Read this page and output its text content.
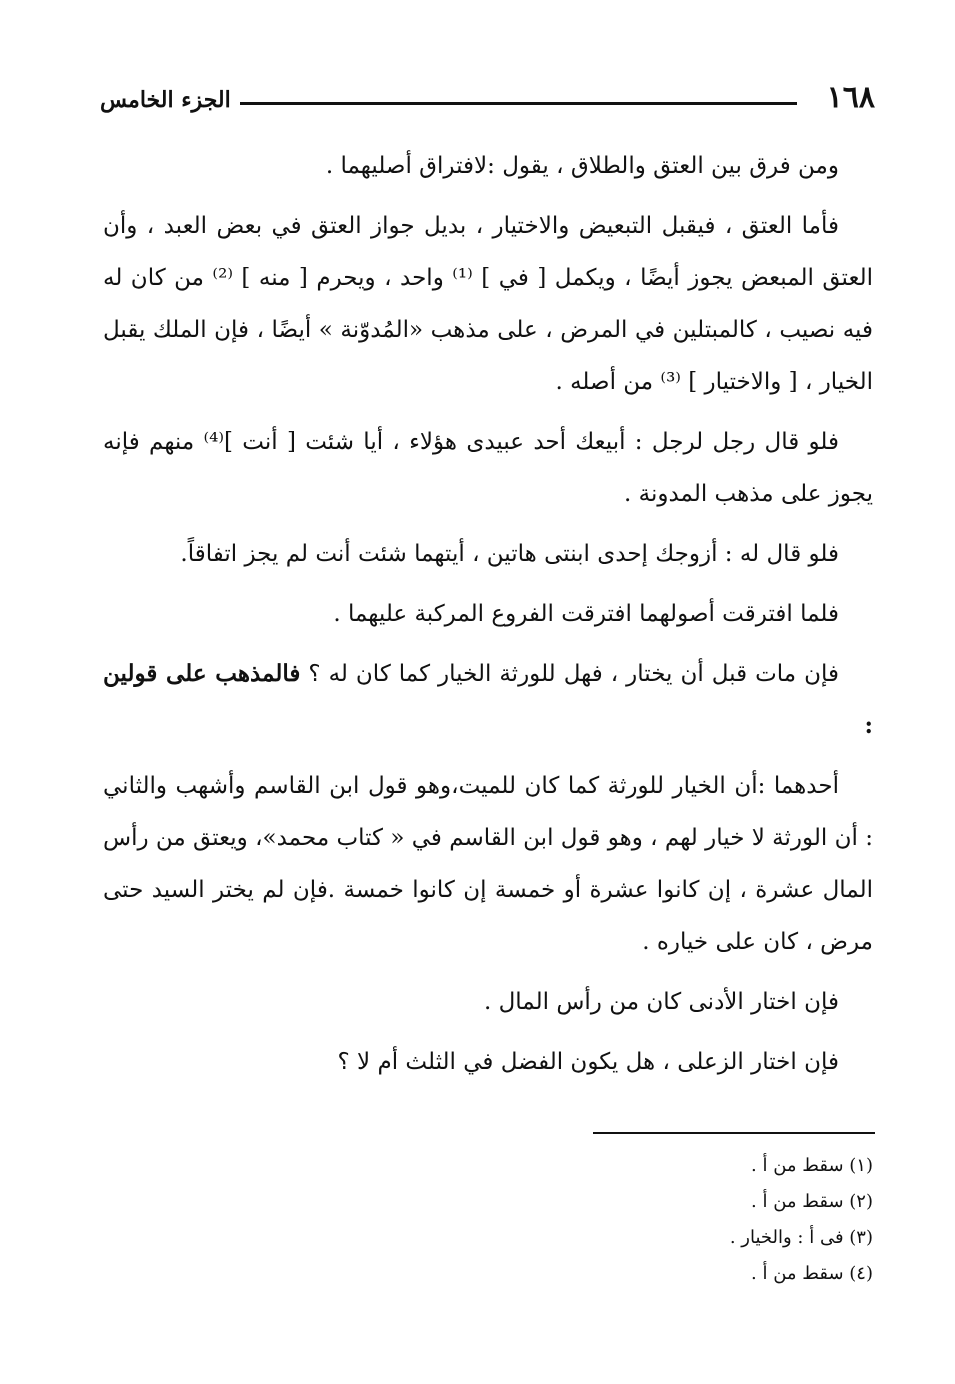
١٦٨
الجزء الخامس

ومن فرق بين العتق والطلاق ، يقول :لافتراق أصليهما .

فأما العتق ، فيقبل التبعيض والاختيار ، بديل جواز العتق في بعض العبد ، وأن العتق المبعض يجوز أيضًا ، ويكمل [ في ] ⁽¹⁾ واحد ، ويحرم [ منه ] ⁽²⁾ من كان له فيه نصيب ، كالمبتلين في المرض ، على مذهب «المُدوّنة » أيضًا ، فإن الملك يقبل الخيار ، [ والاختيار ] ⁽³⁾ من أصله .

فلو قال رجل لرجل : أبيعك أحد عبيدى هؤلاء ، أيا شئت [ أنت ]⁽⁴⁾ منهم فإنه يجوز على مذهب المدونة .

فلو قال له : أزوجك إحدى ابنتى هاتين ، أيتهما شئت أنت لم يجز اتفاقاً.

فلما افترقت أصولهما افترقت الفروع المركبة عليهما .

فإن مات قبل أن يختار ، فهل للورثة الخيار كما كان له ؟ فالمذهب على قولين :

أحدهما :أن الخيار للورثة كما كان للميت،وهو قول ابن القاسم وأشهب والثاني : أن الورثة لا خيار لهم ، وهو قول ابن القاسم في « كتاب محمد»، ويعتق من رأس المال عشرة ، إن كانوا عشرة أو خمسة إن كانوا خمسة .فإن لم يختر السيد حتى مرض ، كان على خياره .

فإن اختار الأدنى كان من رأس المال .

فإن اختار الزعلى ، هل يكون الفضل في الثلث أم لا ؟

(١) سقط من أ .
(٢) سقط من أ .
(٣) فى أ : والخيار .
(٤) سقط من أ .
